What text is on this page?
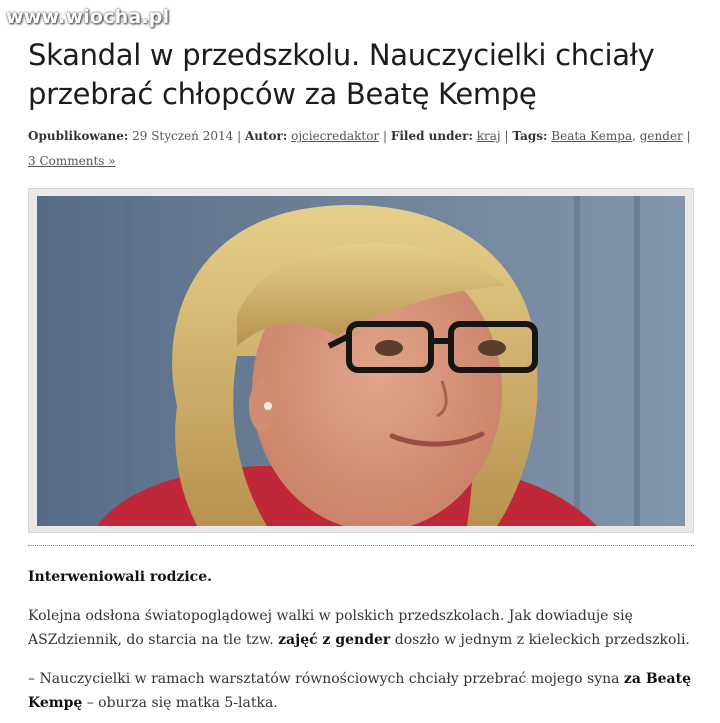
www.wiocha.pl
Skandal w przedszkolu. Nauczycielki chciały przebrać chłopców za Beatę Kempę
Opublikowane: 29 Styczeń 2014 | Autor: ojciecredaktor | Filed under: kraj | Tags: Beata Kempa, gender | 3 Comments »

Interweniowali rodzice.

Kolejna odsłona światopoglądowej walki w polskich przedszkolach. Jak dowiaduje się ASZdziennik, do starcia na tle tzw. zajęć z gender doszło w jednym z kieleckich przedszkoli.

– Nauczycielki w ramach warsztatów równościowych chciały przebrać mojego syna za Beatę Kempę – oburza się matka 5-latka.
